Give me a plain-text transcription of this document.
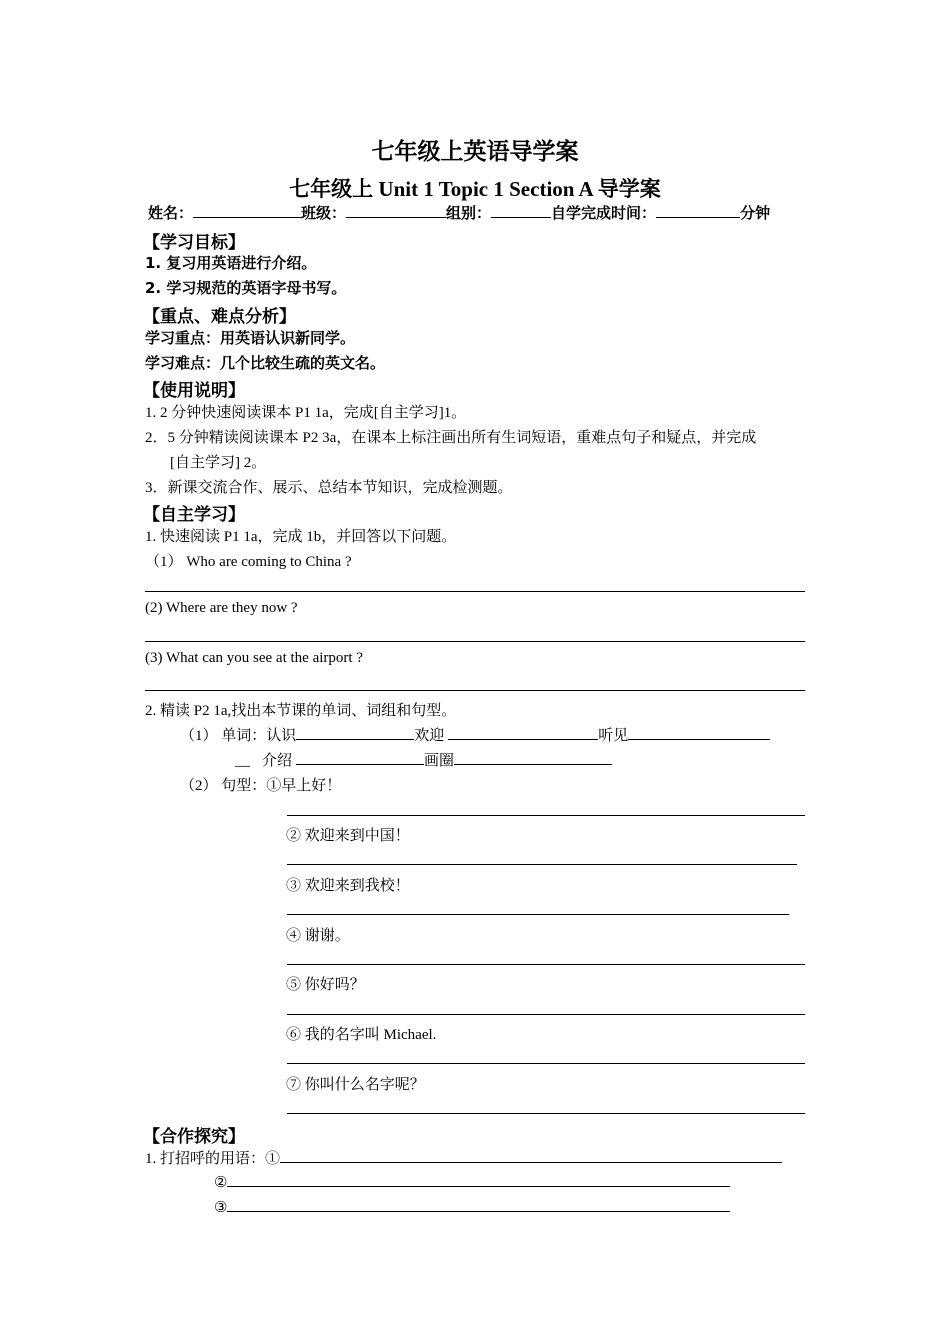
七年级上英语导学案
七年级上 Unit 1 Topic 1 Section A 导学案
姓名：	班级：	组别：	自学完成时间：	分钟
【学习目标】
1. 复习用英语进行介绍。
2. 学习规范的英语字母书写。
【重点、难点分析】
学习重点：用英语认识新同学。
学习难点：几个比较生疏的英文名。
【使用说明】
1. 2 分钟快速阅读课本 P1 1a，完成[自主学习]1。
2．5 分钟精读阅读课本 P2 3a，在课本上标注画出所有生词短语，重难点句子和疑点，并完成
[自主学习] 2。
3．新课交流合作、展示、总结本节知识，完成检测题。
【自主学习】
1. 快速阅读 P1 1a，完成 1b，并回答以下问题。
（1） Who are coming to China ?
(2) Where are they now ?
(3) What can you see at the airport ?
2. 精读 P2 1a,找出本节课的单词、词组和句型。
（1） 单词：认识	欢迎	听见
__ 介绍	画圈
（2） 句型：①早上好！
② 欢迎来到中国！
③ 欢迎来到我校！
④ 谢谢。
⑤ 你好吗？
⑥ 我的名字叫 Michael.
⑦ 你叫什么名字呢？
【合作探究】
1. 打招呼的用语：①
②
③
